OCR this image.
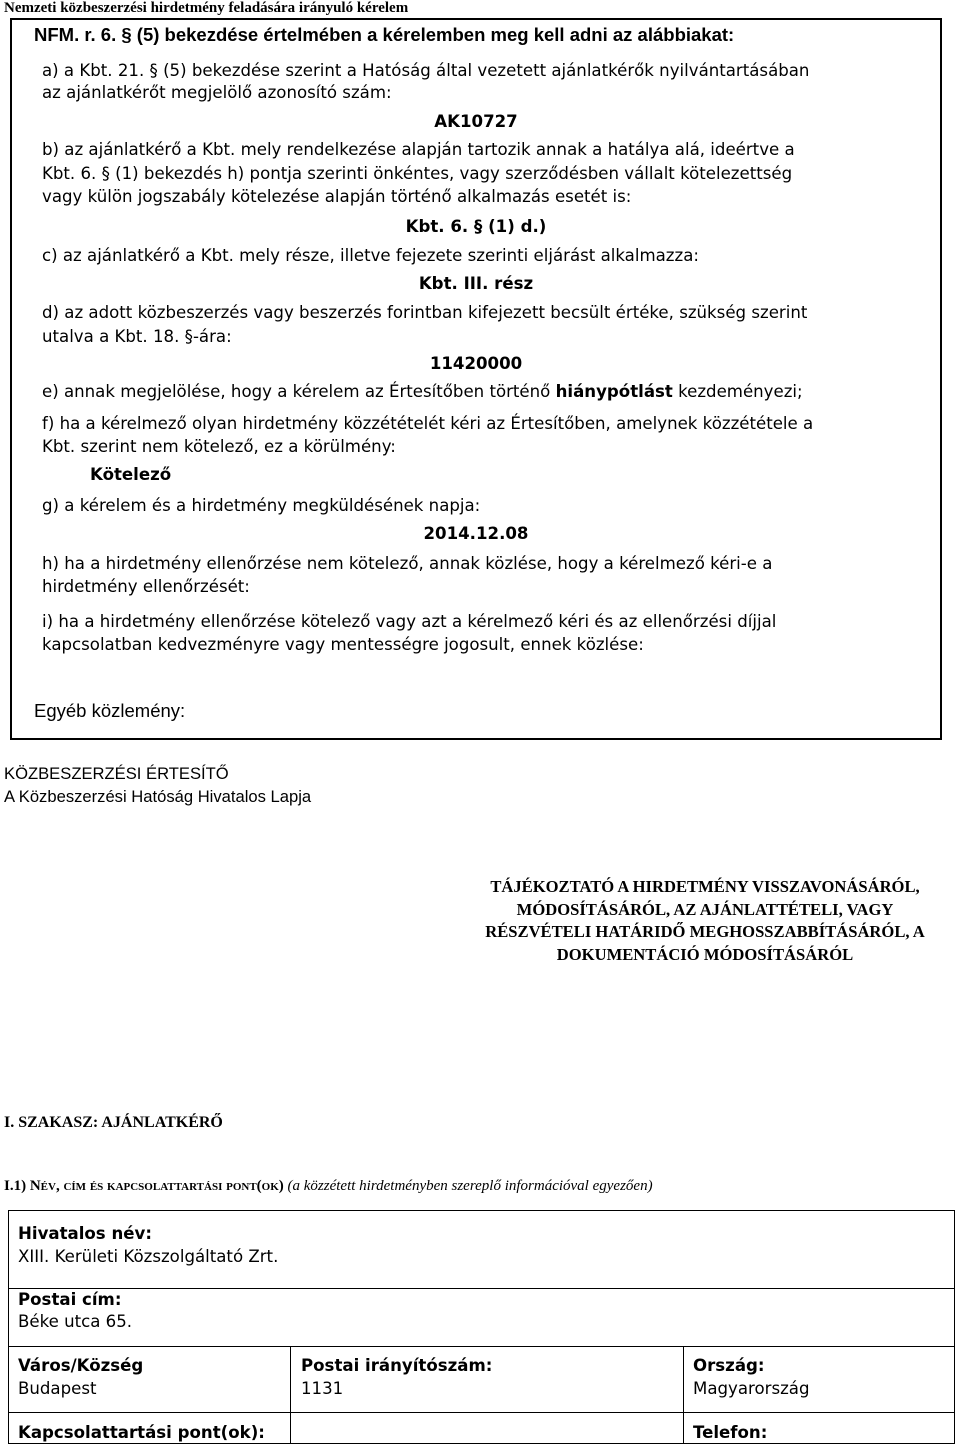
Nemzeti közbeszerzési hirdetmény feladására irányuló kérelem
NFM. r. 6. § (5) bekezdése értelmében a kérelemben meg kell adni az alábbiakat:
a) a Kbt. 21. § (5) bekezdése szerint a Hatóság által vezetett ajánlatkérők nyilvántartásában
az ajánlatkérőt megjelölő azonosító szám:
AK10727
b) az ajánlatkérő a Kbt. mely rendelkezése alapján tartozik annak a hatálya alá, ideértve a
Kbt. 6. § (1) bekezdés h) pontja szerinti önkéntes, vagy szerződésben vállalt kötelezettség
vagy külön jogszabály kötelezése alapján történő alkalmazás esetét is:
Kbt. 6. § (1) d.)
c) az ajánlatkérő a Kbt. mely része, illetve fejezete szerinti eljárást alkalmazza:
Kbt. III. rész
d) az adott közbeszerzés vagy beszerzés forintban kifejezett becsült értéke, szükség szerint
utalva a Kbt. 18. §-ára:
11420000
e) annak megjelölése, hogy a kérelem az Értesítőben történő hiánypótlást kezdeményezi;
f) ha a kérelmező olyan hirdetmény közzétételét kéri az Értesítőben, amelynek közzététele a
Kbt. szerint nem kötelező, ez a körülmény:
Kötelező
g) a kérelem és a hirdetmény megküldésének napja:
2014.12.08
h) ha a hirdetmény ellenőrzése nem kötelező, annak közlése, hogy a kérelmező kéri-e a
hirdetmény ellenőrzését:
i) ha a hirdetmény ellenőrzése kötelező vagy azt a kérelmező kéri és az ellenőrzési díjjal
kapcsolatban kedvezményre vagy mentességre jogosult, ennek közlése:
Egyéb közlemény:
KÖZBESZERZÉSI ÉRTESÍTŐ
A Közbeszerzési Hatóság Hivatalos Lapja
TÁJÉKOZTATÓ A HIRDETMÉNY VISSZAVONÁSÁRÓL,
MÓDOSÍTÁSÁRÓL, AZ AJÁNLATTÉTELI, VAGY
RÉSZVÉTELI HATÁRIDŐ MEGHOSSZABBÍTÁSÁRÓL, A
DOKUMENTÁCIÓ MÓDOSÍTÁSÁRÓL
I. SZAKASZ: AJÁNLATKÉRŐ
I.1) Név, cím és kapcsolattartási pont(ok) (a közzétett hirdetményben szereplő információval egyezően)
Hivatalos név:
XIII. Kerületi Közszolgáltató Zrt.
Postai cím:
Béke utca 65.
Város/Község
Budapest
Postai irányítószám:
1131
Ország:
Magyarország
Kapcsolattartási pont(ok):	Telefon:
